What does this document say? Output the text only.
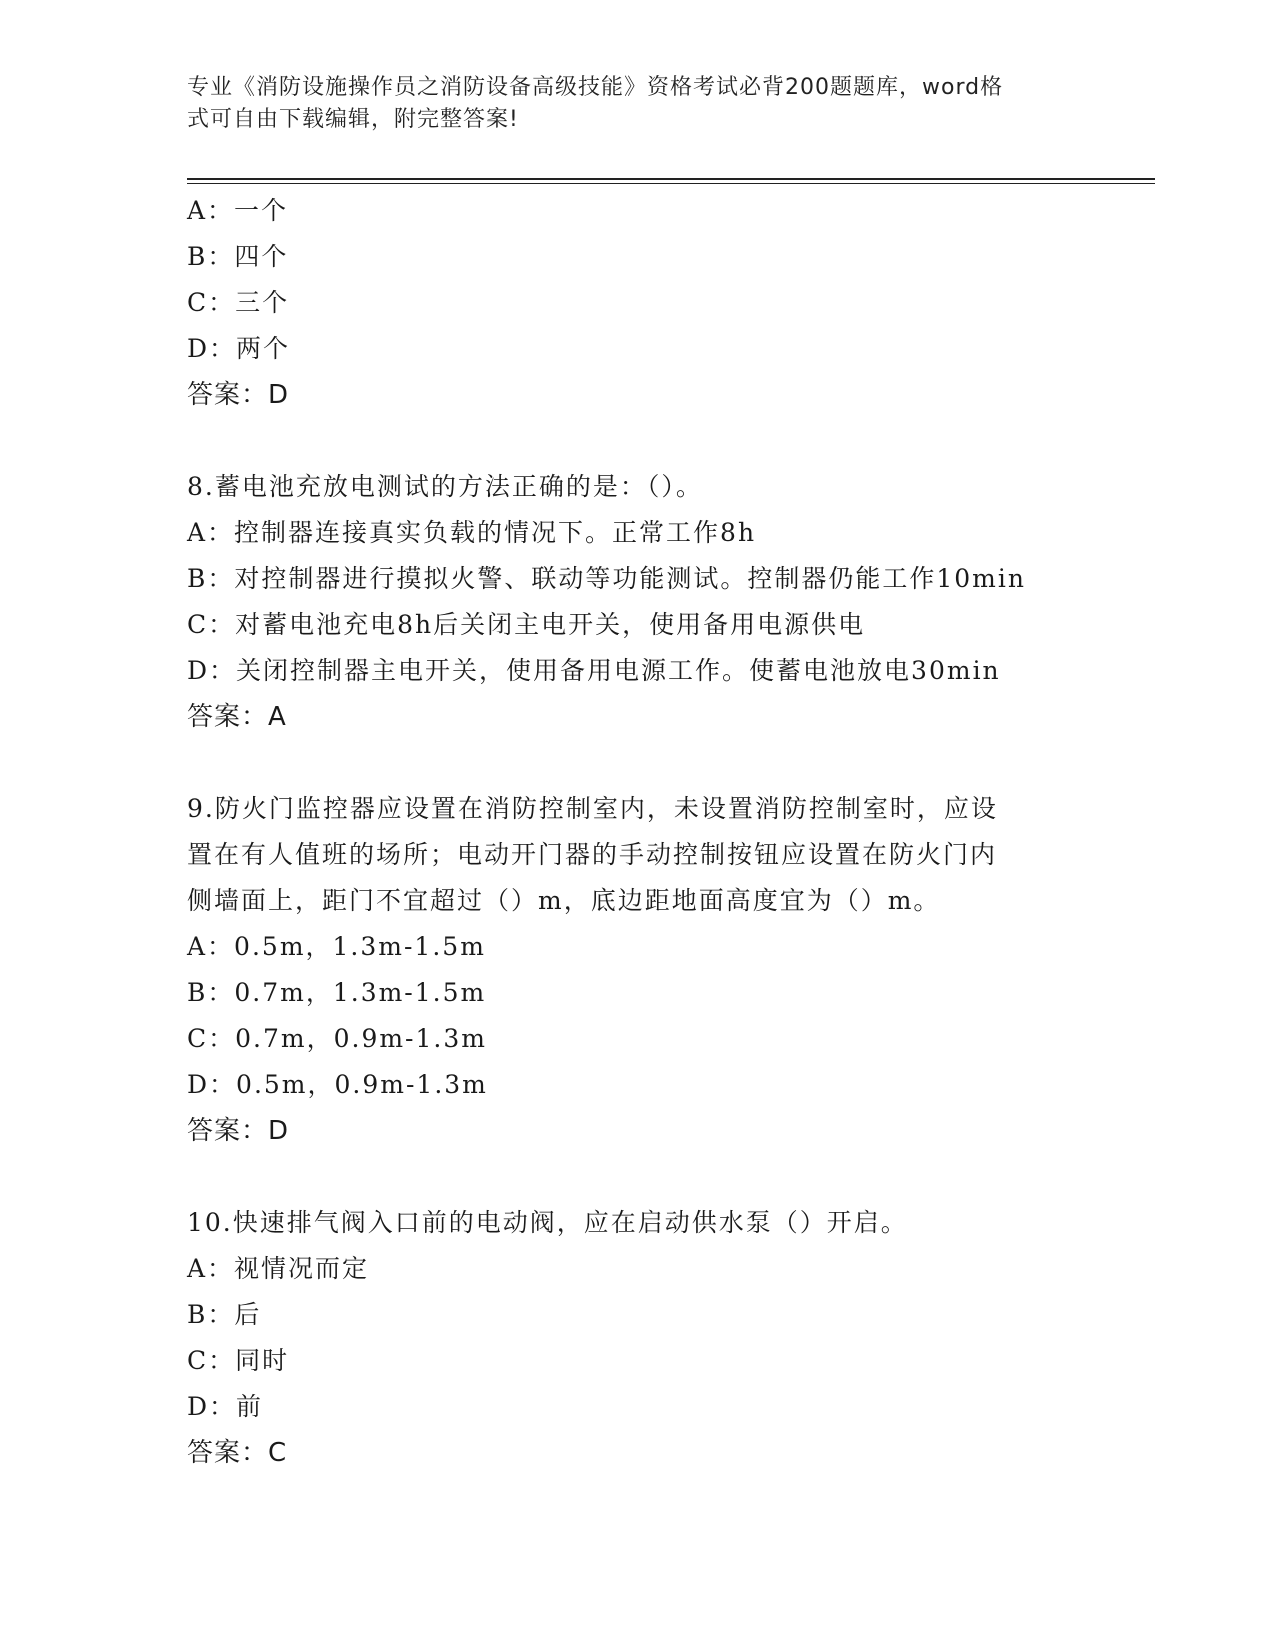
专业《消防设施操作员之消防设备高级技能》资格考试必背200题题库，word格
式可自由下载编辑，附完整答案!
A：一个
B：四个
C：三个
D：两个
答案：D
8.蓄电池充放电测试的方法正确的是：（）。
A：控制器连接真实负载的情况下。正常工作8h
B：对控制器进行摸拟火警、联动等功能测试。控制器仍能工作10min
C：对蓄电池充电8h后关闭主电开关，使用备用电源供电
D：关闭控制器主电开关，使用备用电源工作。使蓄电池放电30min
答案：A
9.防火门监控器应设置在消防控制室内，未设置消防控制室时，应设
置在有人值班的场所；电动开门器的手动控制按钮应设置在防火门内
侧墙面上，距门不宜超过（）m，底边距地面高度宜为（）m。
A：0.5m，1.3m-1.5m
B：0.7m，1.3m-1.5m
C：0.7m，0.9m-1.3m
D：0.5m，0.9m-1.3m
答案：D
10.快速排气阀入口前的电动阀，应在启动供水泵（）开启。
A：视情况而定
B：后
C：同时
D：前
答案：C
